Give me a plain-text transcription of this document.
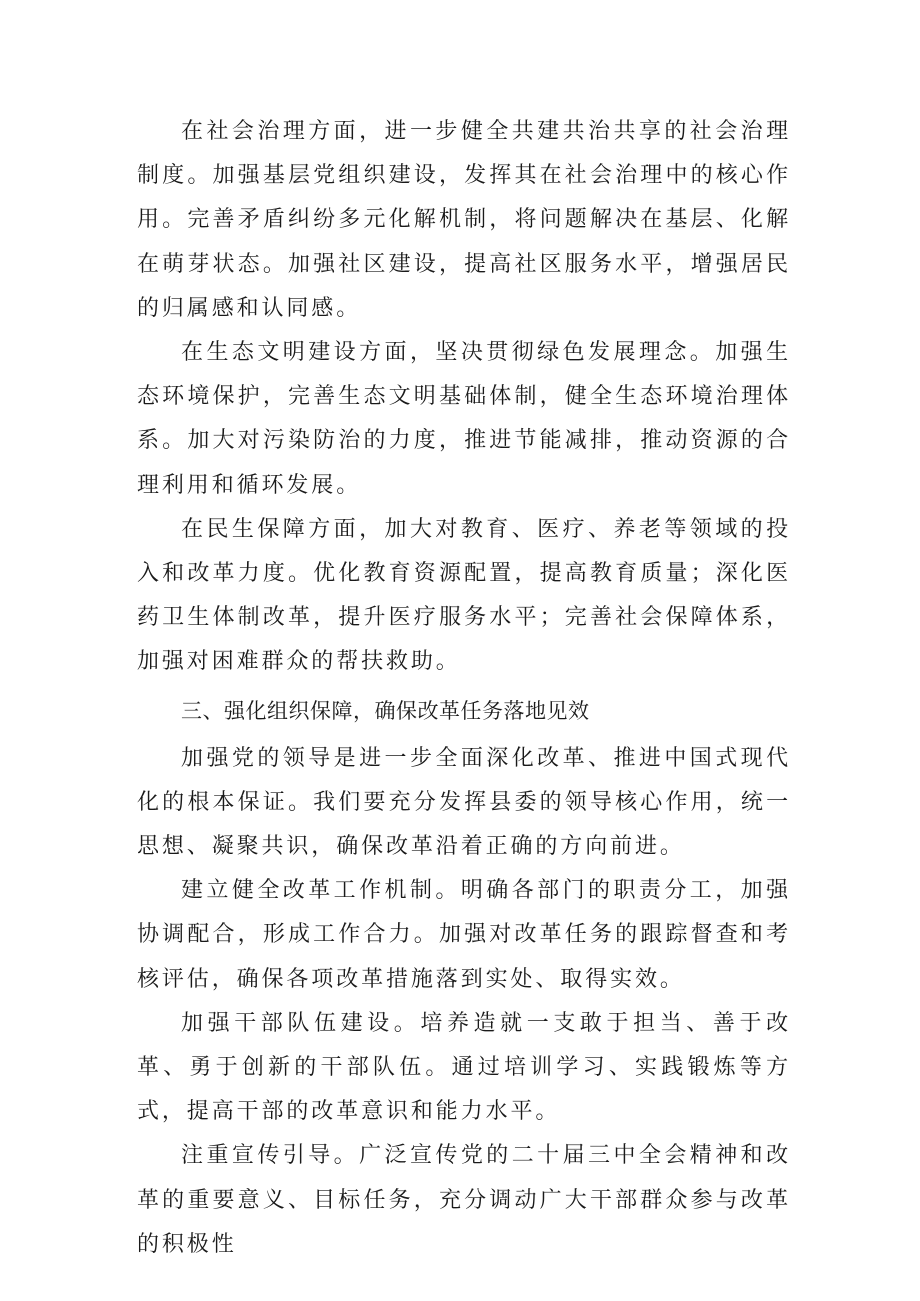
在社会治理方面，进一步健全共建共治共享的社会治理制度。加强基层党组织建设，发挥其在社会治理中的核心作用。完善矛盾纠纷多元化解机制，将问题解决在基层、化解在萌芽状态。加强社区建设，提高社区服务水平，增强居民的归属感和认同感。

在生态文明建设方面，坚决贯彻绿色发展理念。加强生态环境保护，完善生态文明基础体制，健全生态环境治理体系。加大对污染防治的力度，推进节能减排，推动资源的合理利用和循环发展。

在民生保障方面，加大对教育、医疗、养老等领域的投入和改革力度。优化教育资源配置，提高教育质量；深化医药卫生体制改革，提升医疗服务水平；完善社会保障体系，加强对困难群众的帮扶救助。

三、强化组织保障，确保改革任务落地见效

加强党的领导是进一步全面深化改革、推进中国式现代化的根本保证。我们要充分发挥县委的领导核心作用，统一思想、凝聚共识，确保改革沿着正确的方向前进。

建立健全改革工作机制。明确各部门的职责分工，加强协调配合，形成工作合力。加强对改革任务的跟踪督查和考核评估，确保各项改革措施落到实处、取得实效。

加强干部队伍建设。培养造就一支敢于担当、善于改革、勇于创新的干部队伍。通过培训学习、实践锻炼等方式，提高干部的改革意识和能力水平。

注重宣传引导。广泛宣传党的二十届三中全会精神和改革的重要意义、目标任务，充分调动广大干部群众参与改革的积极性
